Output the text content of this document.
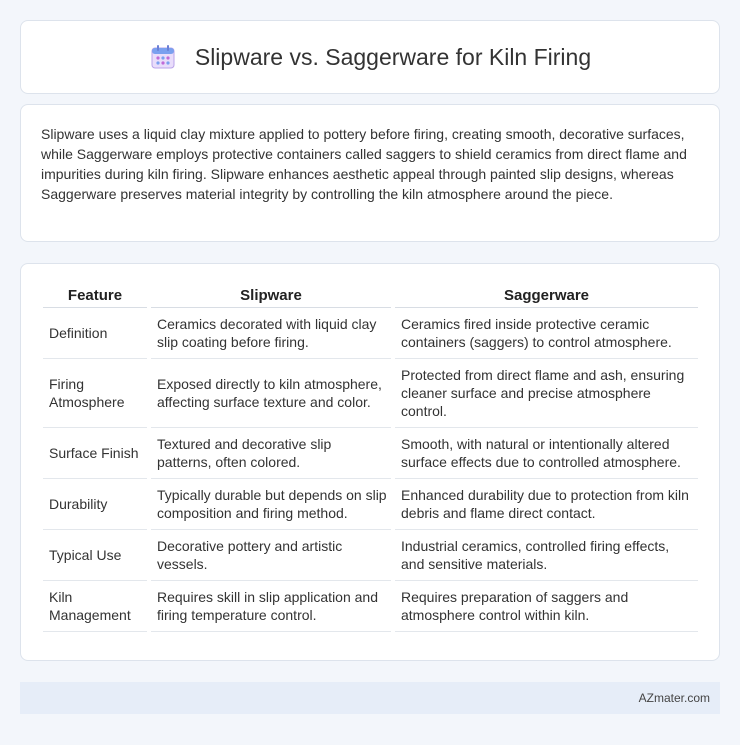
Slipware vs. Saggerware for Kiln Firing

Slipware uses a liquid clay mixture applied to pottery before firing, creating smooth, decorative surfaces, while Saggerware employs protective containers called saggers to shield ceramics from direct flame and impurities during kiln firing. Slipware enhances aesthetic appeal through painted slip designs, whereas Saggerware preserves material integrity by controlling the kiln atmosphere around the piece.

Feature	Slipware	Saggerware
Definition	Ceramics decorated with liquid clay slip coating before firing.	Ceramics fired inside protective ceramic containers (saggers) to control atmosphere.
Firing Atmosphere	Exposed directly to kiln atmosphere, affecting surface texture and color.	Protected from direct flame and ash, ensuring cleaner surface and precise atmosphere control.
Surface Finish	Textured and decorative slip patterns, often colored.	Smooth, with natural or intentionally altered surface effects due to controlled atmosphere.
Durability	Typically durable but depends on slip composition and firing method.	Enhanced durability due to protection from kiln debris and flame direct contact.
Typical Use	Decorative pottery and artistic vessels.	Industrial ceramics, controlled firing effects, and sensitive materials.
Kiln Management	Requires skill in slip application and firing temperature control.	Requires preparation of saggers and atmosphere control within kiln.
AZmater.com
